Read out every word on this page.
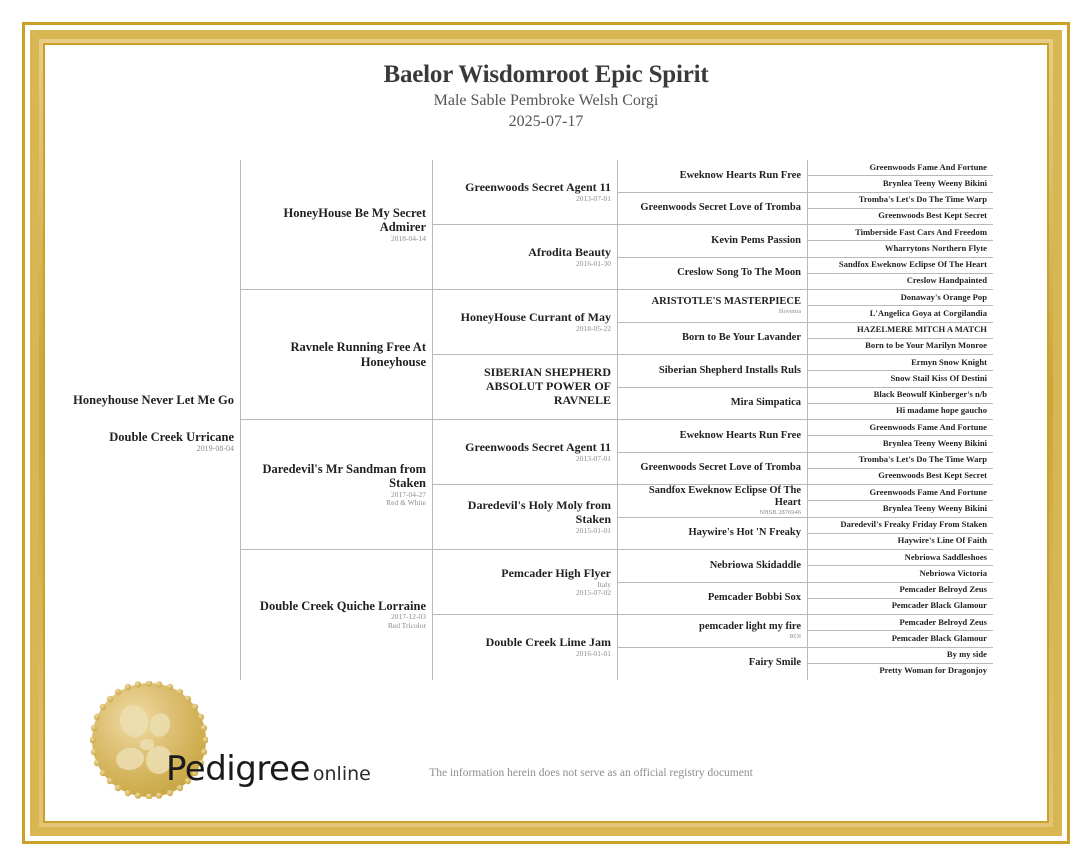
Baelor Wisdomroot Epic Spirit
Male Sable Pembroke Welsh Corgi
2025-07-17
Honeyhouse Never Let Me Go
Double Creek Urricane
2019-08-04
HoneyHouse Be My Secret Admirer
2018-04-14
Ravnele Running Free At Honeyhouse
Daredevil's Mr Sandman from Staken
2017-04-27
Red & White
Double Creek Quiche Lorraine
2017-12-03
Red Tricolor
Greenwoods Secret Agent 11
2013-07-01
Afrodita Beauty
2016-01-30
HoneyHouse Currant of May
2018-05-22
SIBERIAN SHEPHERD ABSOLUT POWER OF RAVNELE
Greenwoods Secret Agent 11
2013-07-01
Daredevil's Holy Moly from Staken
2015-01-01
Pemcader High Flyer
Italy
2015-07-02
Double Creek Lime Jam
2016-01-01
Eweknow Hearts Run Free
Greenwoods Secret Love of Tromba
Kevin Pems Passion
Creslow Song To The Moon
ARISTOTLE'S MASTERPIECE
Slovenia
Born to Be Your Lavander
Siberian Shepherd Installs Ruls
Mira Simpatica
Eweknow Hearts Run Free
Greenwoods Secret Love of Tromba
Sandfox Eweknow Eclipse Of The Heart
NHSB 2876946
Haywire's Hot 'N Freaky
Nebriowa Skidaddle
Pemcader Bobbi Sox
pemcader light my fire
ROI
Fairy Smile
Greenwoods Fame And Fortune
Brynlea Teeny Weeny Bikini
Tromba's Let's Do The Time Warp
Greenwoods Best Kept Secret
Timberside Fast Cars And Freedom
Wharrytons Northern Flyte
Sandfox Eweknow Eclipse Of The Heart
Creslow Handpainted
Donaway's Orange Pop
L'Angelica Goya at Corgilandia
HAZELMERE MITCH A MATCH
Born to be Your Marilyn Monroe
Ermyn Snow Knight
Snow Stail Kiss Of Destini
Black Beowulf Kinberger's n/b
Hi madame hope gaucho
Greenwoods Fame And Fortune
Brynlea Teeny Weeny Bikini
Tromba's Let's Do The Time Warp
Greenwoods Best Kept Secret
Greenwoods Fame And Fortune
Brynlea Teeny Weeny Bikini
Daredevil's Freaky Friday From Staken
Haywire's Line Of Faith
Nebriowa Saddleshoes
Nebriowa Victoria
Pemcader Belroyd Zeus
Pemcader Black Glamour
Pemcader Belroyd Zeus
Pemcader Black Glamour
By my side
Pretty Woman for Dragonjoy
Pedigree online	The information herein does not serve as an official registry document
